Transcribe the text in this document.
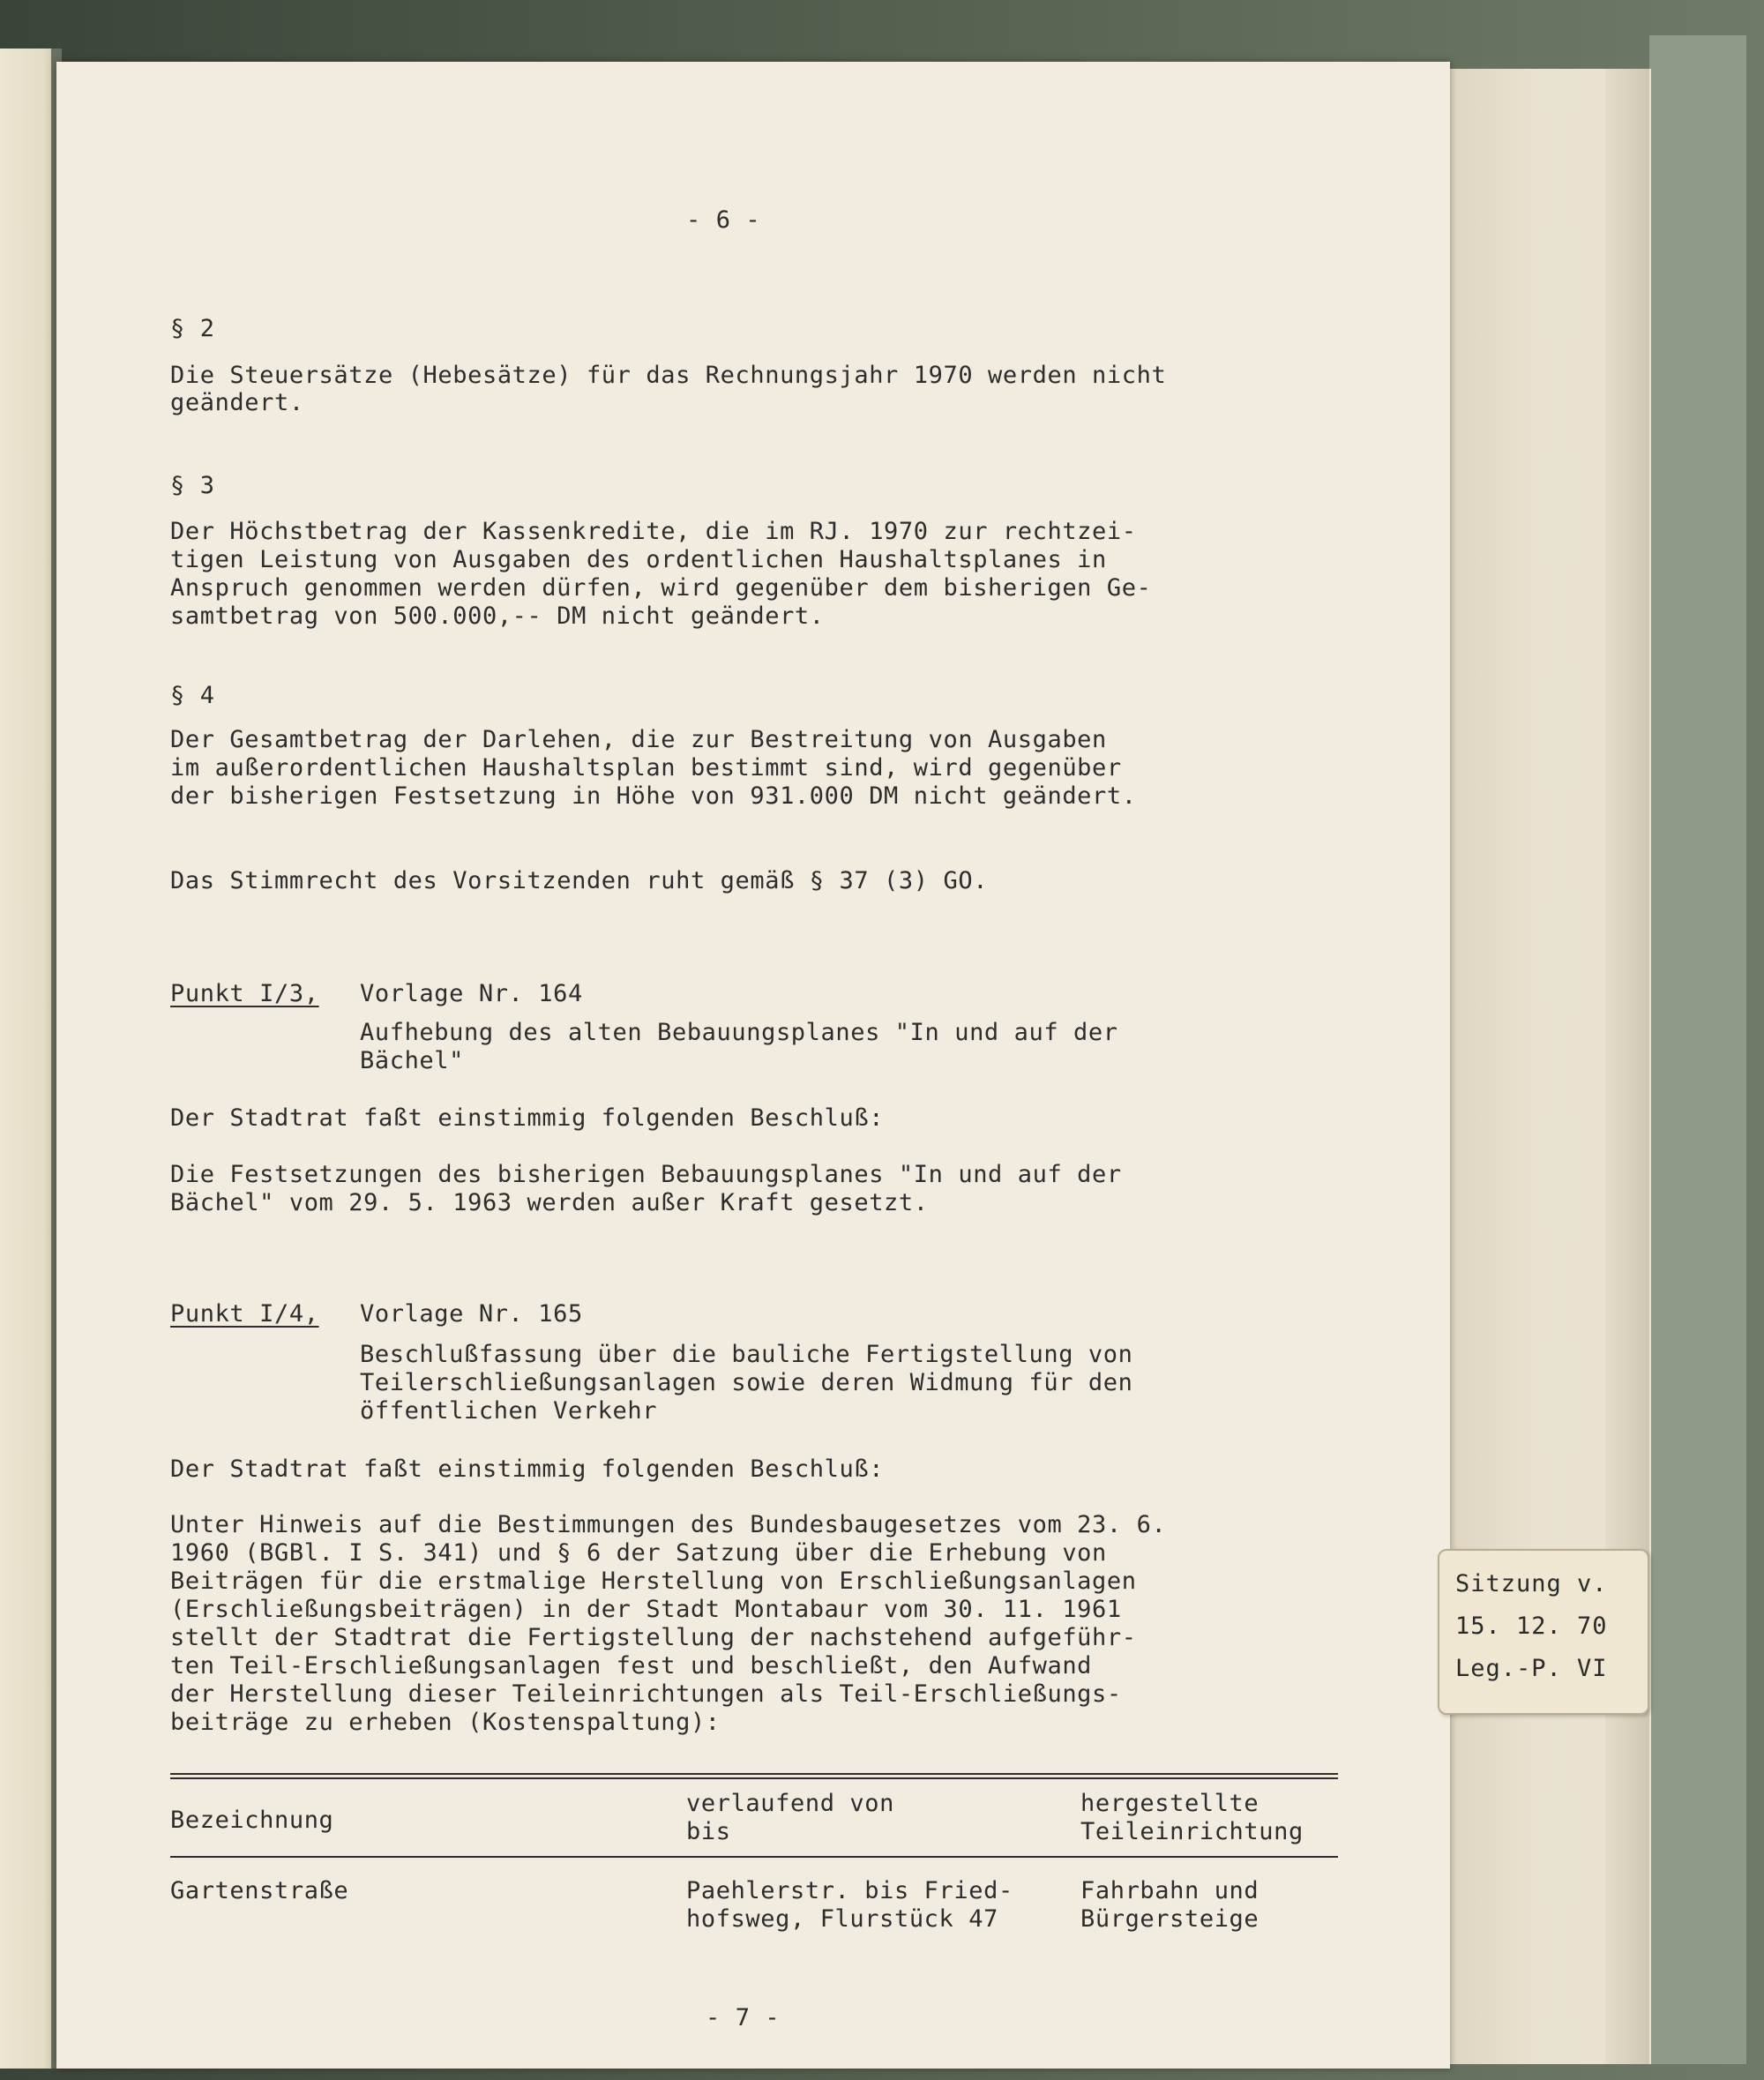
- 6 -
§ 2
Die Steuersätze (Hebesätze) für das Rechnungsjahr 1970 werden nicht
geändert.
§ 3
Der Höchstbetrag der Kassenkredite, die im RJ. 1970 zur rechtzei-
tigen Leistung von Ausgaben des ordentlichen Haushaltsplanes in
Anspruch genommen werden dürfen, wird gegenüber dem bisherigen Ge-
samtbetrag von 500.000,-- DM nicht geändert.
§ 4
Der Gesamtbetrag der Darlehen, die zur Bestreitung von Ausgaben
im außerordentlichen Haushaltsplan bestimmt sind, wird gegenüber
der bisherigen Festsetzung in Höhe von 931.000 DM nicht geändert.
Das Stimmrecht des Vorsitzenden ruht gemäß § 37 (3) GO.
Punkt I/3, Vorlage Nr. 164
Aufhebung des alten Bebauungsplanes "In und auf der
Bächel"
Der Stadtrat faßt einstimmig folgenden Beschluß:
Die Festsetzungen des bisherigen Bebauungsplanes "In und auf der
Bächel" vom 29. 5. 1963 werden außer Kraft gesetzt.
Punkt I/4, Vorlage Nr. 165
Beschlußfassung über die bauliche Fertigstellung von
Teilerschließungsanlagen sowie deren Widmung für den
öffentlichen Verkehr
Der Stadtrat faßt einstimmig folgenden Beschluß:
Unter Hinweis auf die Bestimmungen des Bundesbaugesetzes vom 23. 6.
1960 (BGBl. I S. 341) und § 6 der Satzung über die Erhebung von
Beiträgen für die erstmalige Herstellung von Erschließungsanlagen
(Erschließungsbeiträgen) in der Stadt Montabaur vom 30. 11. 1961
stellt der Stadtrat die Fertigstellung der nachstehend aufgeführ-
ten Teil-Erschließungsanlagen fest und beschließt, den Aufwand
der Herstellung dieser Teileinrichtungen als Teil-Erschließungs-
beiträge zu erheben (Kostenspaltung):
Bezeichnung
verlaufend von
bis
hergestellte
Teileinrichtung
Gartenstraße	Paehlerstr. bis Fried-
hofsweg, Flurstück 47
Fahrbahn und
Bürgersteige
- 7 -
Sitzung v.
15. 12. 70
Leg.-P. VI
